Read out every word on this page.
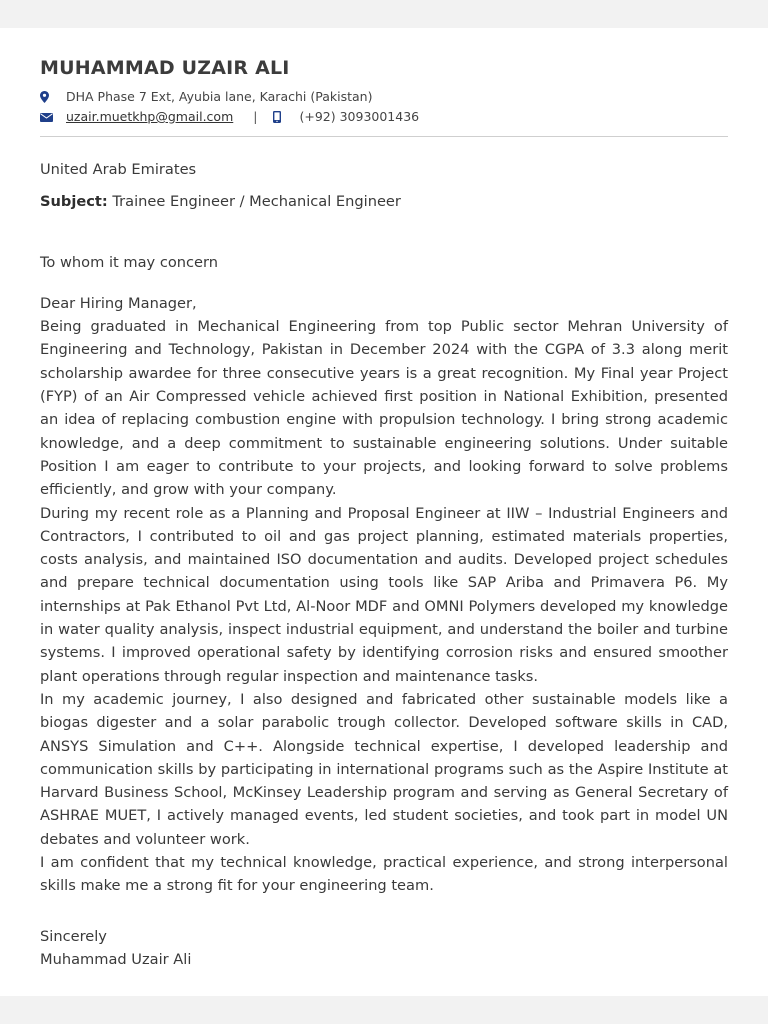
MUHAMMAD UZAIR ALI
DHA Phase 7 Ext, Ayubia lane, Karachi (Pakistan)
uzair.muetkhp@gmail.com |	(+92) 3093001436
United Arab Emirates
Subject: Trainee Engineer / Mechanical Engineer
To whom it may concern
Dear Hiring Manager,

Being graduated in Mechanical Engineering from top Public sector Mehran University of Engineering and Technology, Pakistan in December 2024 with the CGPA of 3.3 along merit scholarship awardee for three consecutive years is a great recognition. My Final year Project (FYP) of an Air Compressed vehicle achieved first position in National Exhibition, presented an idea of replacing combustion engine with propulsion technology. I bring strong academic knowledge, and a deep commitment to sustainable engineering solutions. Under suitable Position I am eager to contribute to your projects, and looking forward to solve problems efficiently, and grow with your company.

During my recent role as a Planning and Proposal Engineer at IIW – Industrial Engineers and Contractors, I contributed to oil and gas project planning, estimated materials properties, costs analysis, and maintained ISO documentation and audits. Developed project schedules and prepare technical documentation using tools like SAP Ariba and Primavera P6. My internships at Pak Ethanol Pvt Ltd, Al-Noor MDF and OMNI Polymers developed my knowledge in water quality analysis, inspect industrial equipment, and understand the boiler and turbine systems. I improved operational safety by identifying corrosion risks and ensured smoother plant operations through regular inspection and maintenance tasks.

In my academic journey, I also designed and fabricated other sustainable models like a biogas digester and a solar parabolic trough collector. Developed software skills in CAD, ANSYS Simulation and C++. Alongside technical expertise, I developed leadership and communication skills by participating in international programs such as the Aspire Institute at Harvard Business School, McKinsey Leadership program and serving as General Secretary of ASHRAE MUET, I actively managed events, led student societies, and took part in model UN debates and volunteer work.

I am confident that my technical knowledge, practical experience, and strong interpersonal skills make me a strong fit for your engineering team.

Sincerely
Muhammad Uzair Ali
